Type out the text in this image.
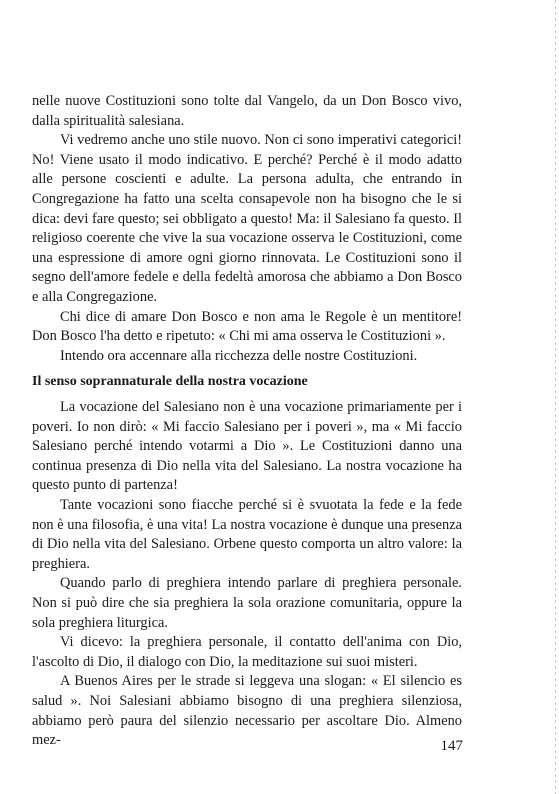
nelle nuove Costituzioni sono tolte dal Vangelo, da un Don Bosco vivo, dalla spiritualità salesiana.

Vi vedremo anche uno stile nuovo. Non ci sono imperativi categorici! No! Viene usato il modo indicativo. E perché? Perché è il modo adatto alle persone coscienti e adulte. La persona adulta, che entrando in Congregazione ha fatto una scelta consapevole non ha bisogno che le si dica: devi fare questo; sei obbligato a questo! Ma: il Salesiano fa questo. Il religioso coerente che vive la sua vocazione osserva le Costituzioni, come una espressione di amore ogni giorno rinnovata. Le Costituzioni sono il segno dell'amore fedele e della fedeltà amorosa che abbiamo a Don Bosco e alla Congregazione.

Chi dice di amare Don Bosco e non ama le Regole è un mentitore! Don Bosco l'ha detto e ripetuto: « Chi mi ama osserva le Costituzioni ».

Intendo ora accennare alla ricchezza delle nostre Costituzioni.

Il senso soprannaturale della nostra vocazione

La vocazione del Salesiano non è una vocazione primariamente per i poveri. Io non dirò: « Mi faccio Salesiano per i poveri », ma « Mi faccio Salesiano perché intendo votarmi a Dio ». Le Costituzioni danno una continua presenza di Dio nella vita del Salesiano. La nostra vocazione ha questo punto di partenza!

Tante vocazioni sono fiacche perché si è svuotata la fede e la fede non è una filosofia, è una vita! La nostra vocazione è dunque una presenza di Dio nella vita del Salesiano. Orbene questo comporta un altro valore: la preghiera.

Quando parlo di preghiera intendo parlare di preghiera personale. Non si può dire che sia preghiera la sola orazione comunitaria, oppure la sola preghiera liturgica.

Vi dicevo: la preghiera personale, il contatto dell'anima con Dio, l'ascolto di Dio, il dialogo con Dio, la meditazione sui suoi misteri.

A Buenos Aires per le strade si leggeva una slogan: « El silencio es salud ». Noi Salesiani abbiamo bisogno di una preghiera silenziosa, abbiamo però paura del silenzio necessario per ascoltare Dio. Almeno mez-	147
